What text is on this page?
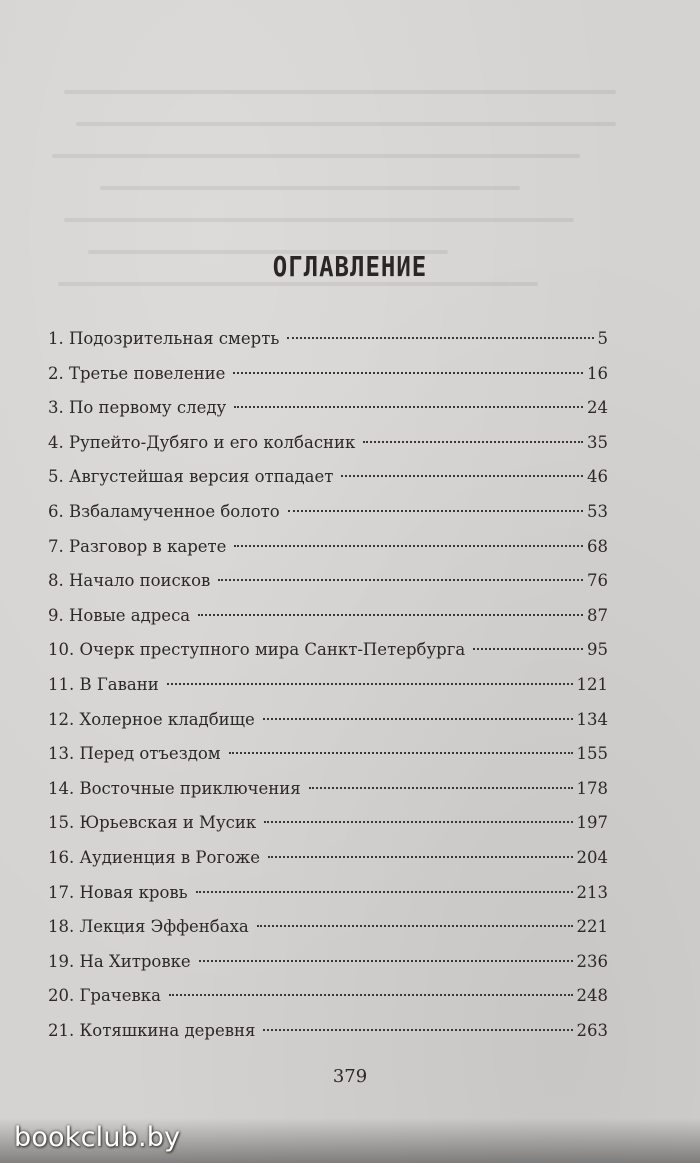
ОГЛАВЛЕНИЕ
1. Подозрительная смерть	5
2. Третье повеление	16
3. По первому следу	24
4. Рупейто-Дубяго и его колбасник	35
5. Августейшая версия отпадает	46
6. Взбаламученное болото	53
7. Разговор в карете	68
8. Начало поисков	76
9. Новые адреса	87
10. Очерк преступного мира Санкт-Петербурга	95
11. В Гавани	121
12. Холерное кладбище	134
13. Перед отъездом	155
14. Восточные приключения	178
15. Юрьевская и Мусик	197
16. Аудиенция в Рогоже	204
17. Новая кровь	213
18. Лекция Эффенбаха	221
19. На Хитровке	236
20. Грачевка	248
21. Котяшкина деревня	263
379
bookclub.by
